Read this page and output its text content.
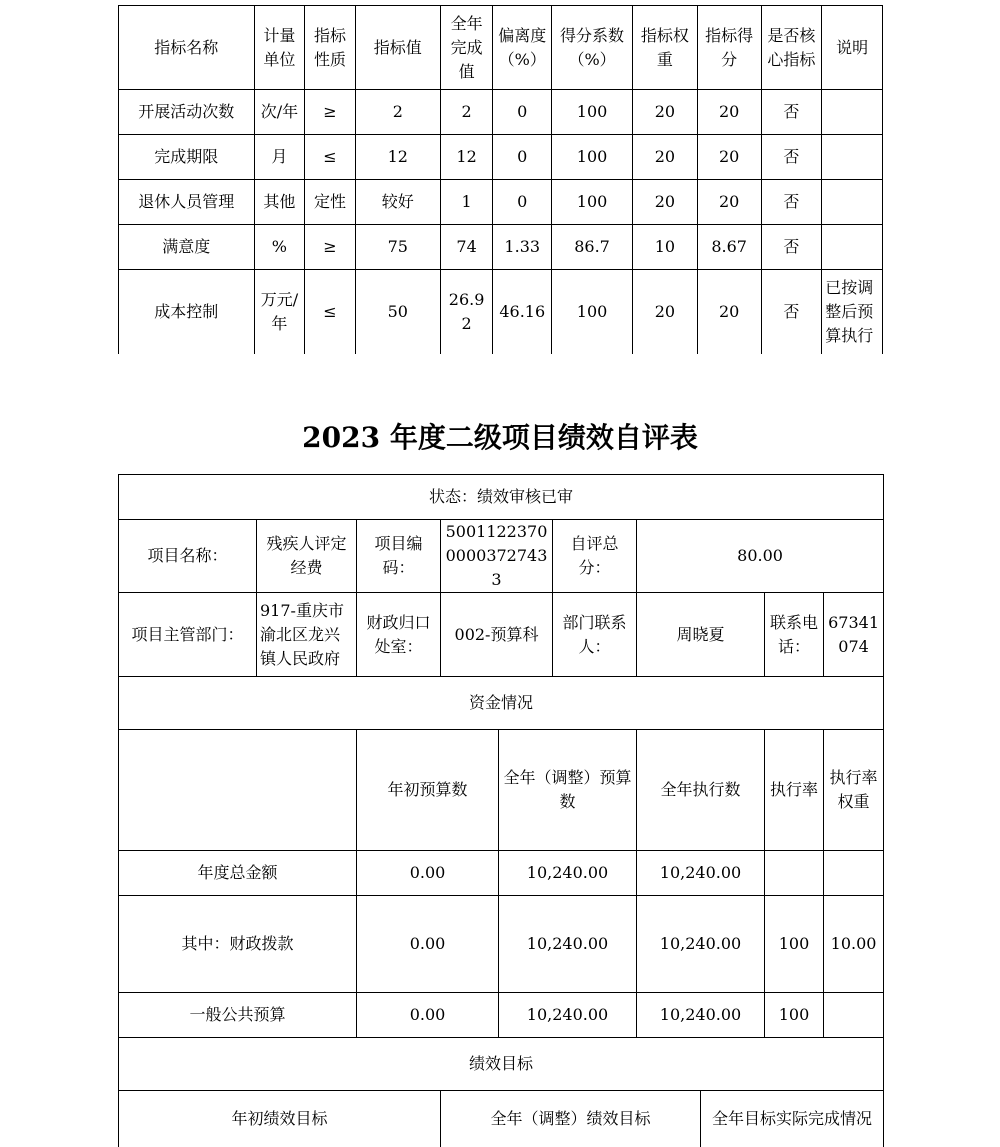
指标名称	计量单位	指标性质	指标值	全年完成值	偏离度（%）	得分系数（%）	指标权重	指标得分	是否核心指标	说明
开展活动次数	次/年	≥	2	2	0	100	20	20	否	
完成期限	月	≤	12	12	0	100	20	20	否	
退休人员管理	其他	定性	较好	1	0	100	20	20	否	
满意度	%	≥	75	74	1.33	86.7	10	8.67	否	
成本控制	万元/年	≤	50	26.92	46.16	100	20	20	否	已按调整后预算执行
2023 年度二级项目绩效自评表
状态：绩效审核已审										
项目名称：	残疾人评定经费	项目编码：	500112237000003727433		自评总分：	80.00				
项目主管部门：	917-重庆市渝北区龙兴镇人民政府	财政归口处室：	002-预算科		部门联系人：	周晓夏		联系电话：	67341074	
资金情况										
		年初预算数		全年（调整）预算数		全年执行数		执行率	执行率权重	
年度总金额		0.00		10,240.00		10,240.00				
其中：财政拨款		0.00		10,240.00		10,240.00		100	10.00	
一般公共预算		0.00		10,240.00		10,240.00		100		
绩效目标										
年初绩效目标			全年（调整）绩效目标				全年目标实际完成情况			
